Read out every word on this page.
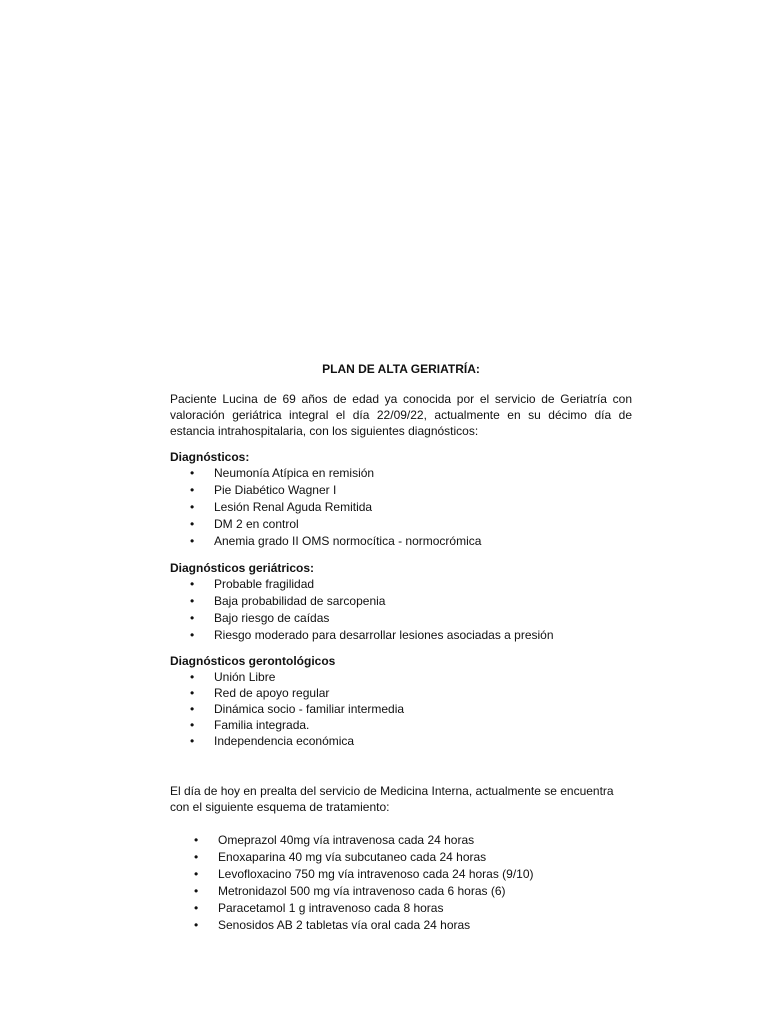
PLAN DE ALTA GERIATRÍA:

Paciente Lucina de 69 años de edad ya conocida por el servicio de Geriatría con valoración geriátrica integral el día 22/09/22, actualmente en su décimo día de estancia intrahospitalaria, con los siguientes diagnósticos:

Diagnósticos:
• Neumonía Atípica en remisión
• Pie Diabético Wagner I
• Lesión Renal Aguda Remitida
• DM 2 en control
• Anemia grado II OMS normocítica - normocrómica
Diagnósticos geriátricos:
• Probable fragilidad
• Baja probabilidad de sarcopenia
• Bajo riesgo de caídas
• Riesgo moderado para desarrollar lesiones asociadas a presión
Diagnósticos gerontológicos
• Unión Libre
• Red de apoyo regular
• Dinámica socio - familiar intermedia
• Familia integrada.
• Independencia económica

El día de hoy en prealta del servicio de Medicina Interna, actualmente se encuentra con el siguiente esquema de tratamiento:

• Omeprazol 40mg vía intravenosa cada 24 horas
• Enoxaparina 40 mg vía subcutaneo cada 24 horas
• Levofloxacino 750 mg vía intravenoso cada 24 horas (9/10)
• Metronidazol 500 mg vía intravenoso cada 6 horas (6)
• Paracetamol 1 g intravenoso cada 8 horas
• Senosidos AB 2 tabletas vía oral cada 24 horas
